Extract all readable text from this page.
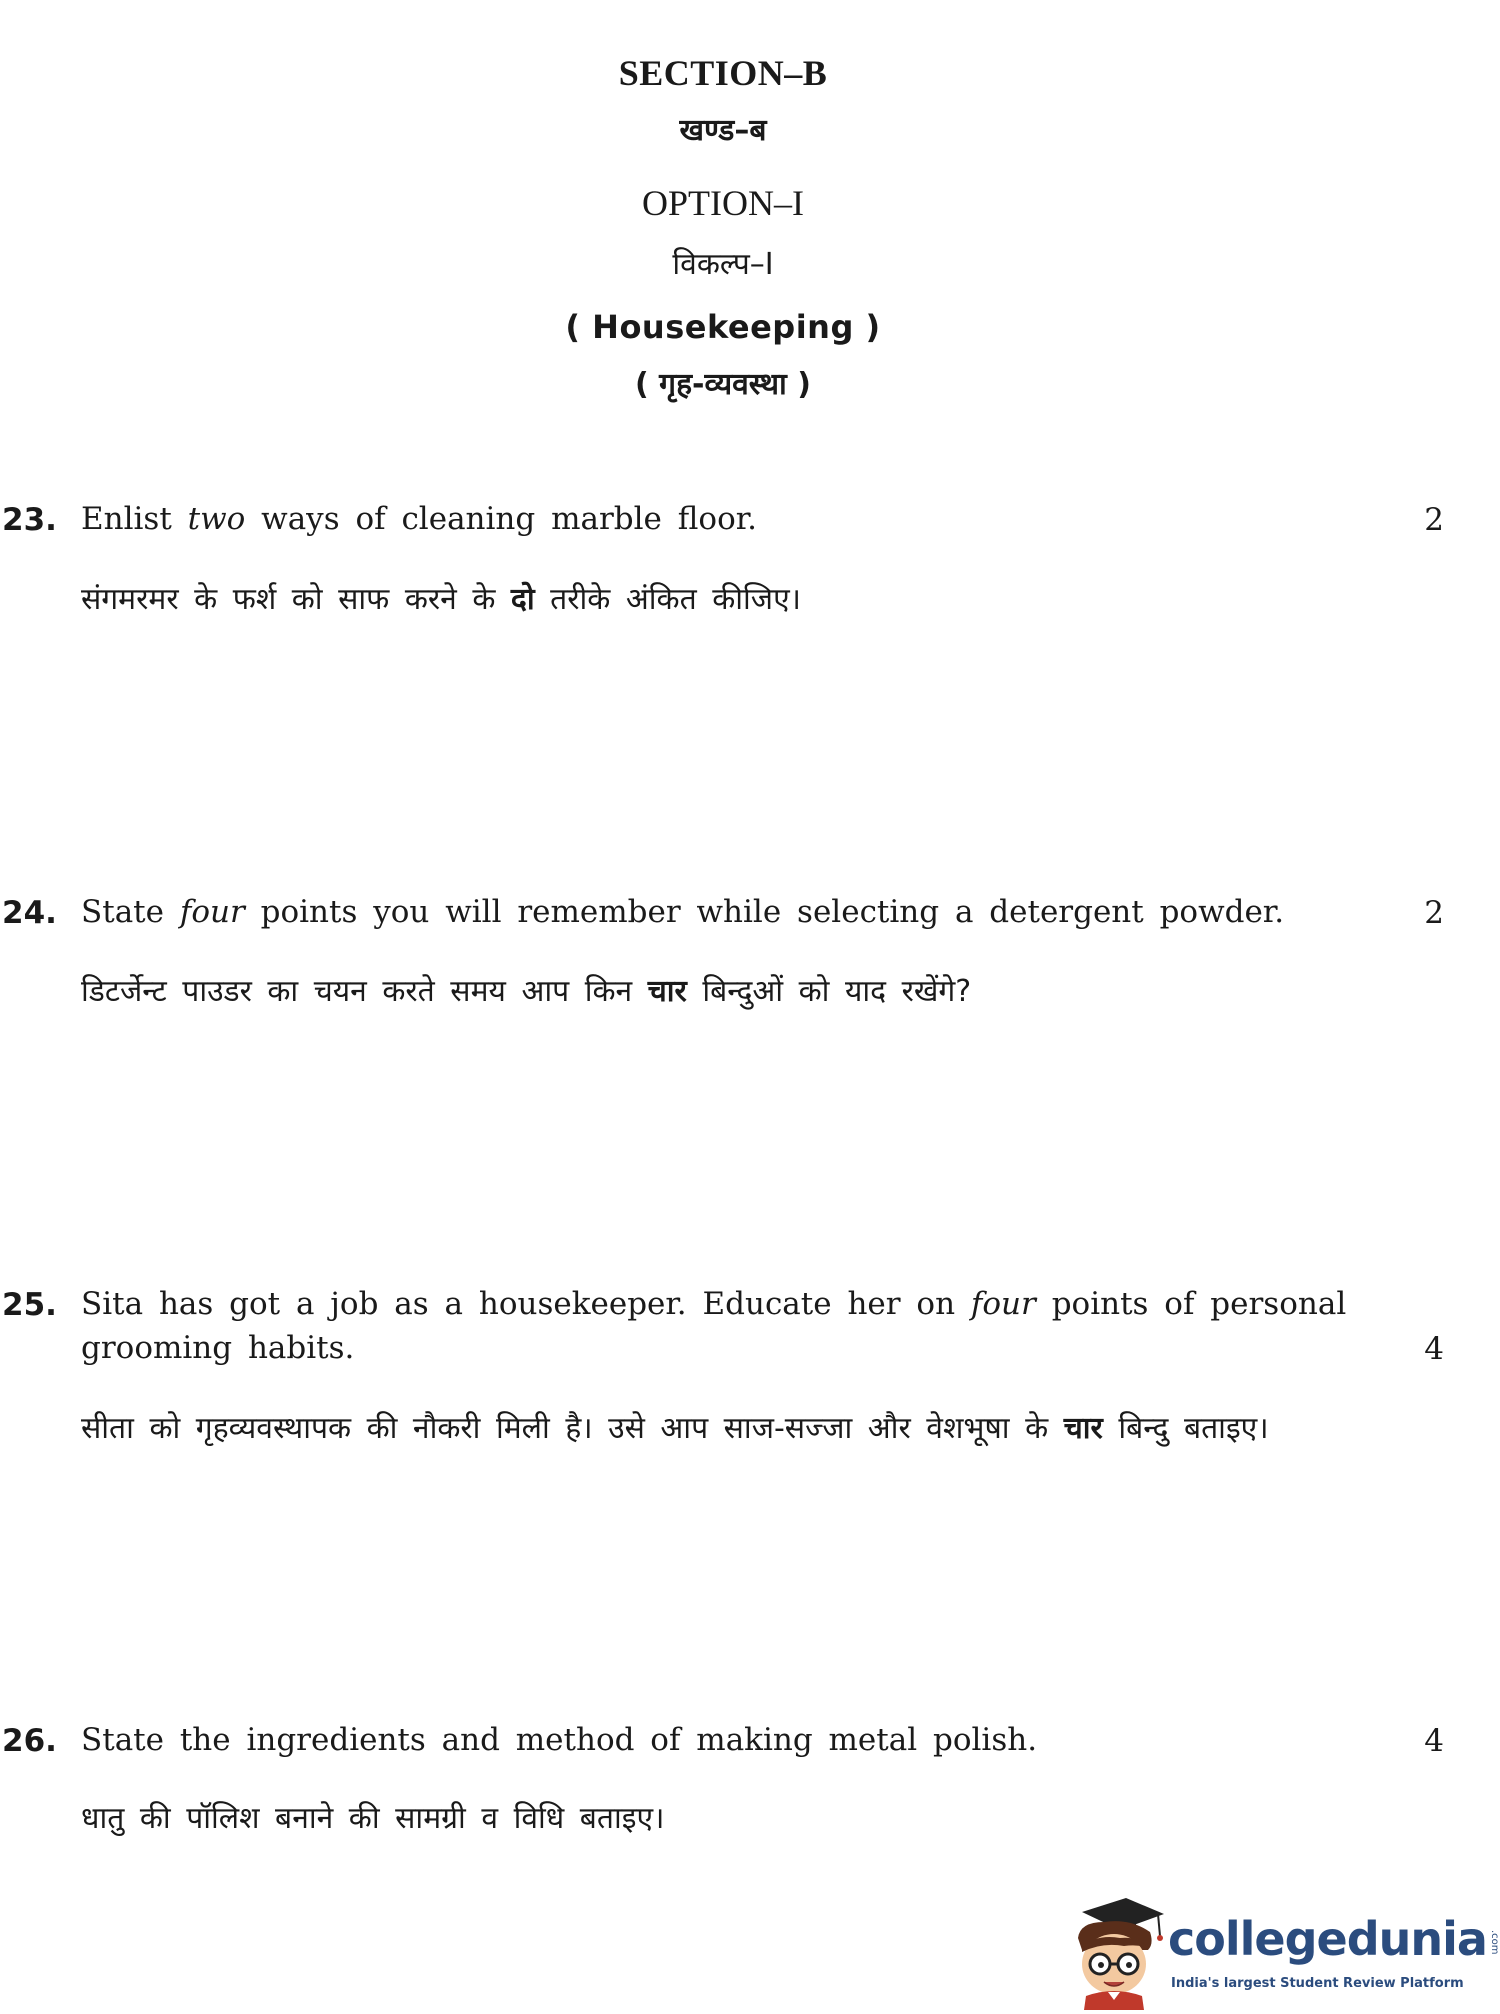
SECTION–B
खण्ड–ब
OPTION–I
विकल्प–I
( Housekeeping )
( गृह-व्यवस्था )
23. Enlist two ways of cleaning marble floor.	2
संगमरमर के फर्श को साफ करने के दो तरीके अंकित कीजिए।
24. State four points you will remember while selecting a detergent powder.	2
डिटर्जेन्ट पाउडर का चयन करते समय आप किन चार बिन्दुओं को याद रखेंगे?
25. Sita has got a job as a housekeeper. Educate her on four points of personal
grooming habits.	4
सीता को गृहव्यवस्थापक की नौकरी मिली है। उसे आप साज-सज्जा और वेशभूषा के चार बिन्दु बताइए।
26. State the ingredients and method of making metal polish.	4
धातु की पॉलिश बनाने की सामग्री व विधि बताइए।
collegedunia .com
India's largest Student Review Platform
